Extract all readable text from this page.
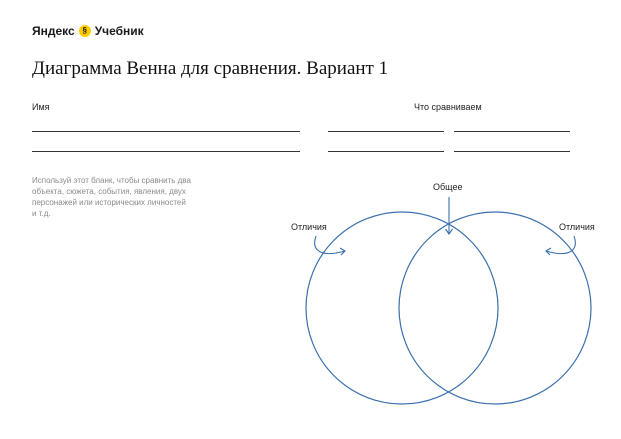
Яндекс § Учебник
Диаграмма Венна для сравнения. Вариант 1
Имя	Что сравниваем
Используй этот бланк, чтобы сравнить два объекта, сюжета, события, явления, двух персонажей или исторических личностей и т.д.
Общее
Отличия	Отличия
